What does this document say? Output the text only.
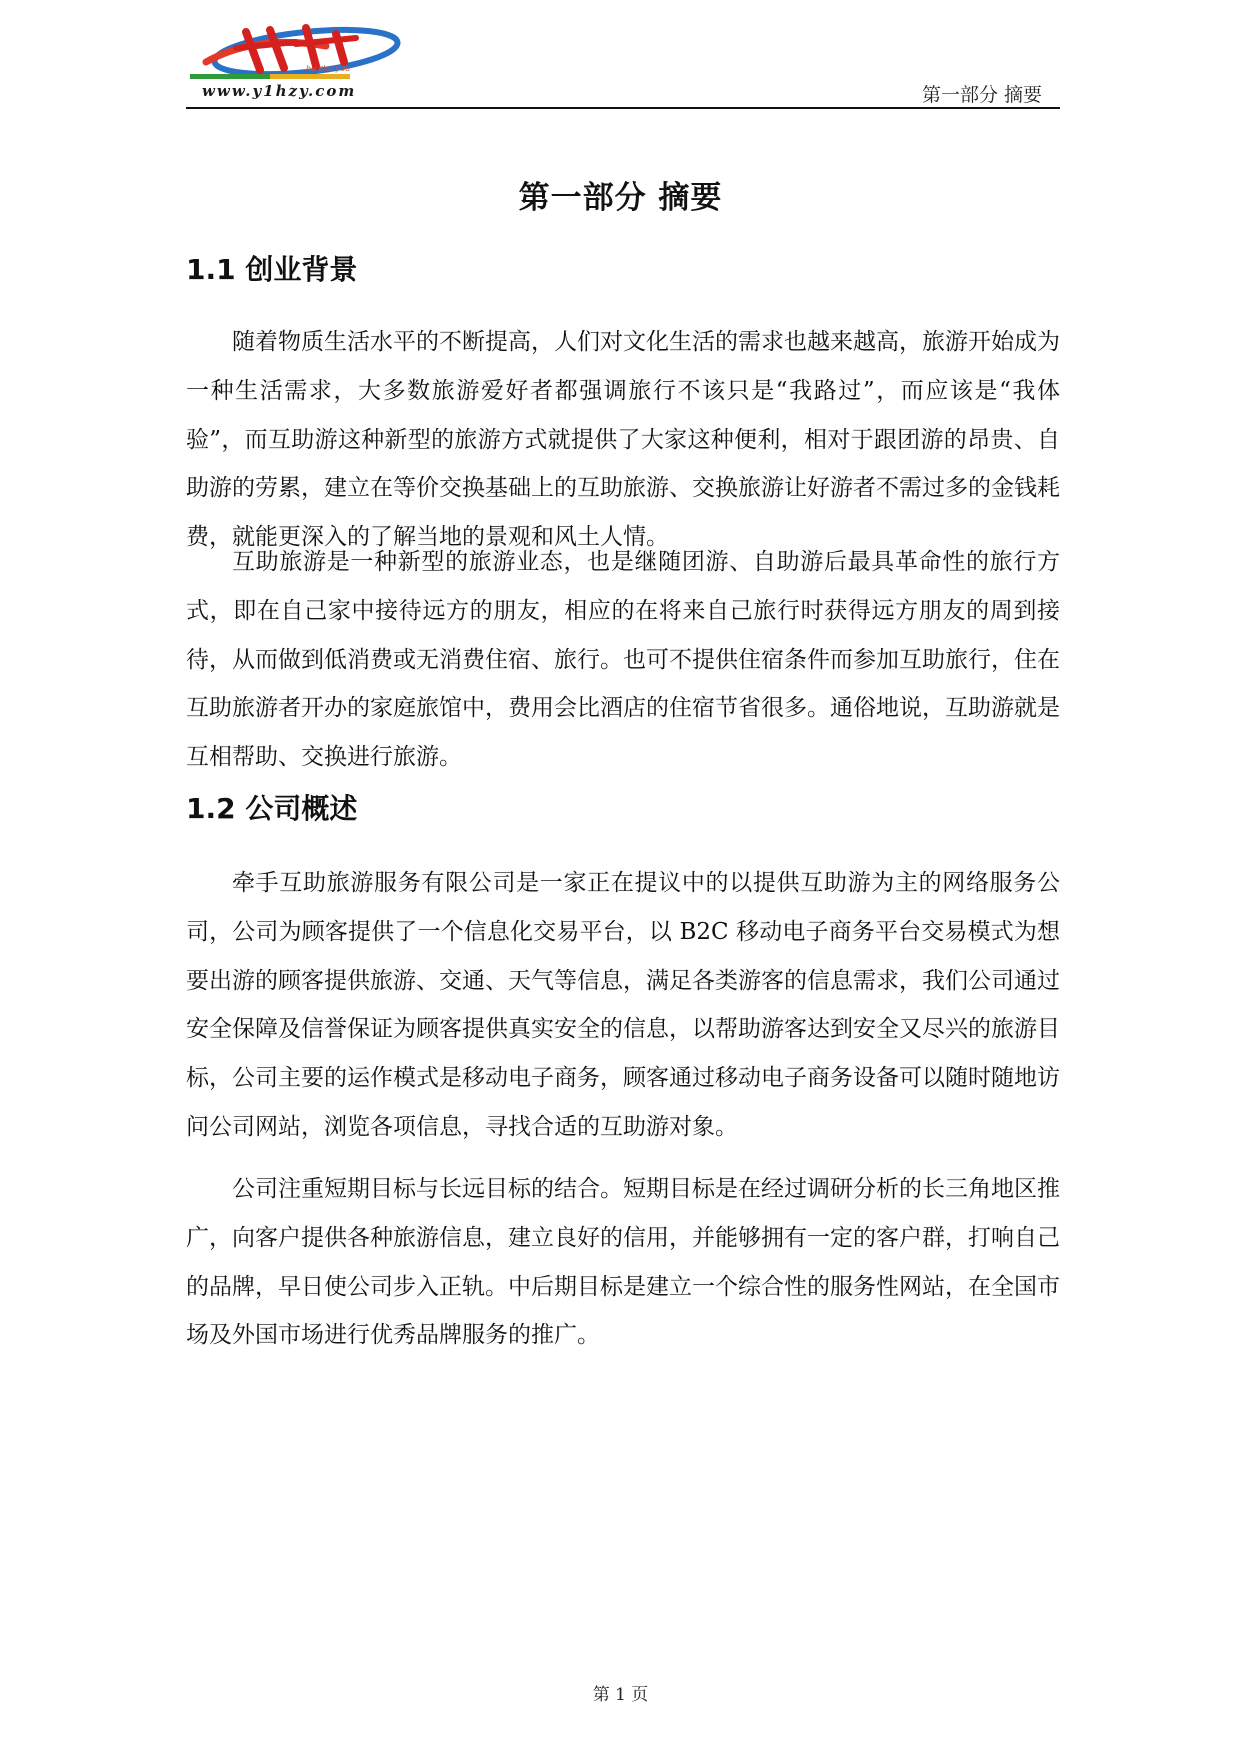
hu zhu you
www.y1hzy.com	第一部分 摘要
第一部分 摘要
1.1 创业背景

随着物质生活水平的不断提高，人们对文化生活的需求也越来越高，旅游开始成为一种生活需求，大多数旅游爱好者都强调旅行不该只是“我路过”，而应该是“我体验”，而互助游这种新型的旅游方式就提供了大家这种便利，相对于跟团游的昂贵、自助游的劳累，建立在等价交换基础上的互助旅游、交换旅游让好游者不需过多的金钱耗费，就能更深入的了解当地的景观和风土人情。

互助旅游是一种新型的旅游业态，也是继随团游、自助游后最具革命性的旅行方式，即在自己家中接待远方的朋友，相应的在将来自己旅行时获得远方朋友的周到接待，从而做到低消费或无消费住宿、旅行。也可不提供住宿条件而参加互助旅行，住在互助旅游者开办的家庭旅馆中，费用会比酒店的住宿节省很多。通俗地说，互助游就是互相帮助、交换进行旅游。

1.2 公司概述

牵手互助旅游服务有限公司是一家正在提议中的以提供互助游为主的网络服务公司，公司为顾客提供了一个信息化交易平台，以 B2C 移动电子商务平台交易模式为想要出游的顾客提供旅游、交通、天气等信息，满足各类游客的信息需求，我们公司通过安全保障及信誉保证为顾客提供真实安全的信息，以帮助游客达到安全又尽兴的旅游目标，公司主要的运作模式是移动电子商务，顾客通过移动电子商务设备可以随时随地访问公司网站，浏览各项信息，寻找合适的互助游对象。

公司注重短期目标与长远目标的结合。短期目标是在经过调研分析的长三角地区推广，向客户提供各种旅游信息，建立良好的信用，并能够拥有一定的客户群，打响自己的品牌，早日使公司步入正轨。中后期目标是建立一个综合性的服务性网站，在全国市场及外国市场进行优秀品牌服务的推广。

第 1 页
